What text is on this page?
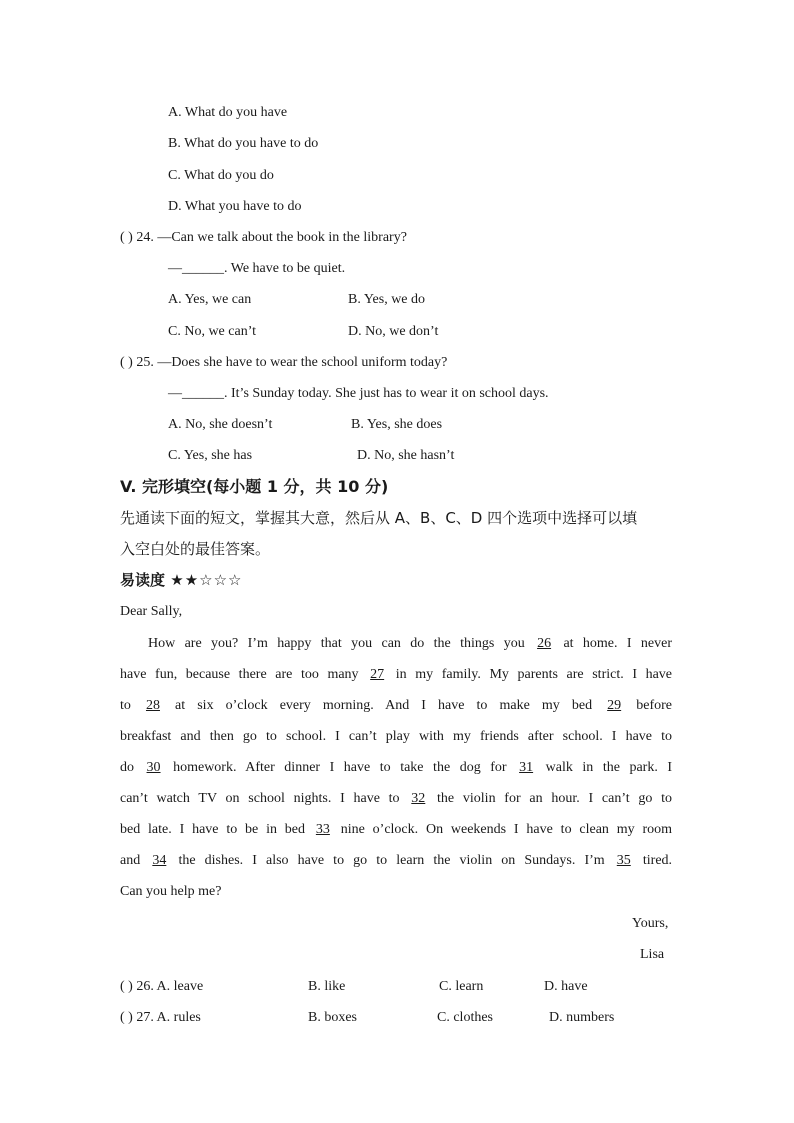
A. What do you have
B. What do you have to do
C. What do you do
D. What you have to do
( ) 24. —Can we talk about the book in the library?
—______. We have to be quiet.
A. Yes, we can	B. Yes, we do
C. No, we can’t	D. No, we don’t
( ) 25. —Does she have to wear the school uniform today?
—______. It’s Sunday today. She just has to wear it on school days.
A. No, she doesn’t	B. Yes, she does
C. Yes, she has	D. No, she hasn’t
V. 完形填空(每小题 1 分，共 10 分)
先通读下面的短文，掌握其大意，然后从 A、B、C、D 四个选项中选择可以填
入空白处的最佳答案。
易读度 ★★☆☆☆
Dear Sally,
How are you? I’m happy that you can do the things you 26 at home. I never
have fun, because there are too many 27 in my family. My parents are strict. I have
to 28 at six o’clock every morning. And I have to make my bed 29 before
breakfast and then go to school. I can’t play with my friends after school. I have to
do 30 homework. After dinner I have to take the dog for 31 walk in the park. I
can’t watch TV on school nights. I have to 32 the violin for an hour. I can’t go to
bed late. I have to be in bed 33 nine o’clock. On weekends I have to clean my room
and 34 the dishes. I also have to go to learn the violin on Sundays. I’m 35 tired.
Can you help me?
Yours,
Lisa
( ) 26. A. leave	B. like	C. learn	D. have
( ) 27. A. rules	B. boxes	C. clothes	D. numbers
